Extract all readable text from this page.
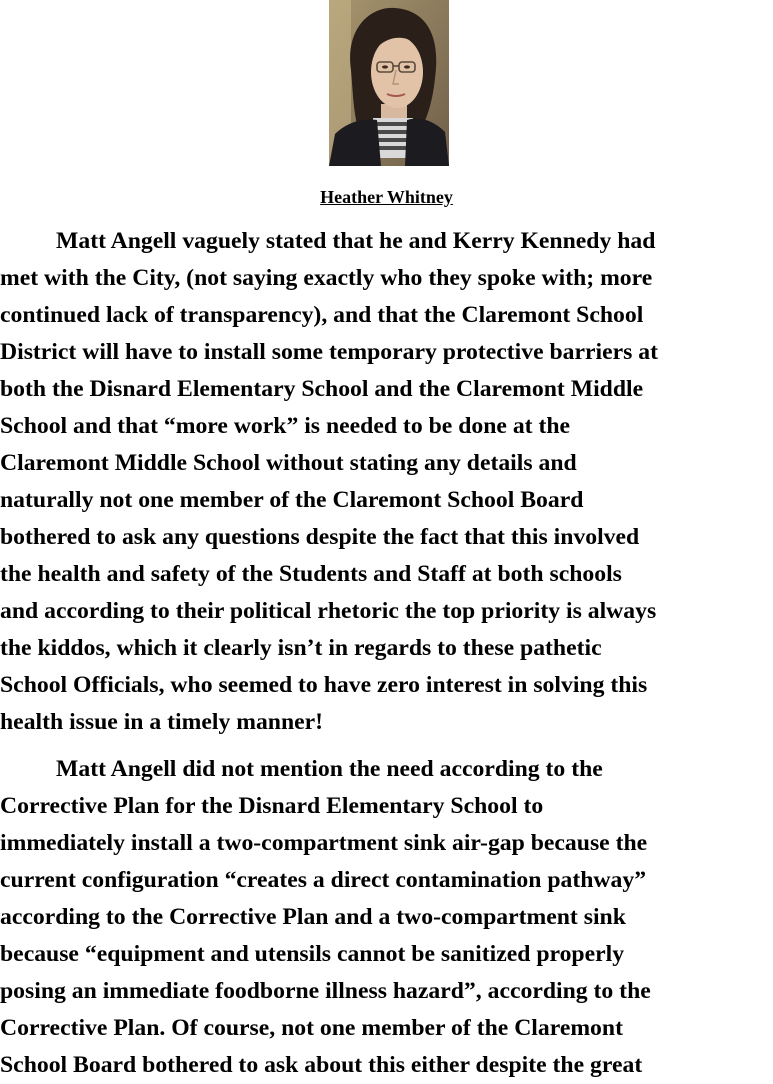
Heather Whitney

Matt Angell vaguely stated that he and Kerry Kennedy had
met with the City, (not saying exactly who they spoke with; more
continued lack of transparency), and that the Claremont School
District will have to install some temporary protective barriers at
both the Disnard Elementary School and the Claremont Middle
School and that “more work” is needed to be done at the
Claremont Middle School without stating any details and
naturally not one member of the Claremont School Board
bothered to ask any questions despite the fact that this involved
the health and safety of the Students and Staff at both schools
and according to their political rhetoric the top priority is always
the kiddos, which it clearly isn’t in regards to these pathetic
School Officials, who seemed to have zero interest in solving this
health issue in a timely manner!

Matt Angell did not mention the need according to the
Corrective Plan for the Disnard Elementary School to
immediately install a two-compartment sink air-gap because the
current configuration “creates a direct contamination pathway”
according to the Corrective Plan and a two-compartment sink
because “equipment and utensils cannot be sanitized properly
posing an immediate foodborne illness hazard”, according to the
Corrective Plan. Of course, not one member of the Claremont
School Board bothered to ask about this either despite the great
